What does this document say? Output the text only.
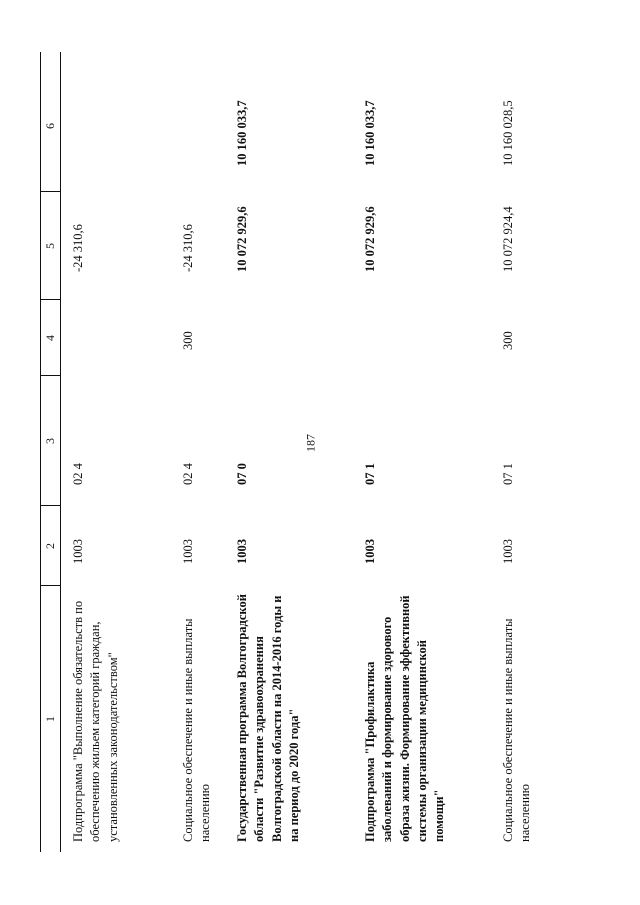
187
1
2
3
4
5
6
Подпрограмма "Выполнение обязательств по обеспечению жильем категорий граждан, установленных законодательством"
1003
02 4
-24 310,6
Социальное обеспечение и иные выплаты населению
1003
02 4
300
-24 310,6
Государственная программа Волгоградской области "Развитие здравоохранения Волгоградской области на 2014-2016 годы и на период до 2020 года"
1003
07 0
10 072 929,6
10 160 033,7
Подпрограмма "Профилактика заболеваний и формирование здорового образа жизни. Формирование эффективной системы организации медицинской помощи"
1003
07 1
10 072 929,6
10 160 033,7
Социальное обеспечение и иные выплаты населению
1003
07 1
300
10 072 924,4
10 160 028,5
